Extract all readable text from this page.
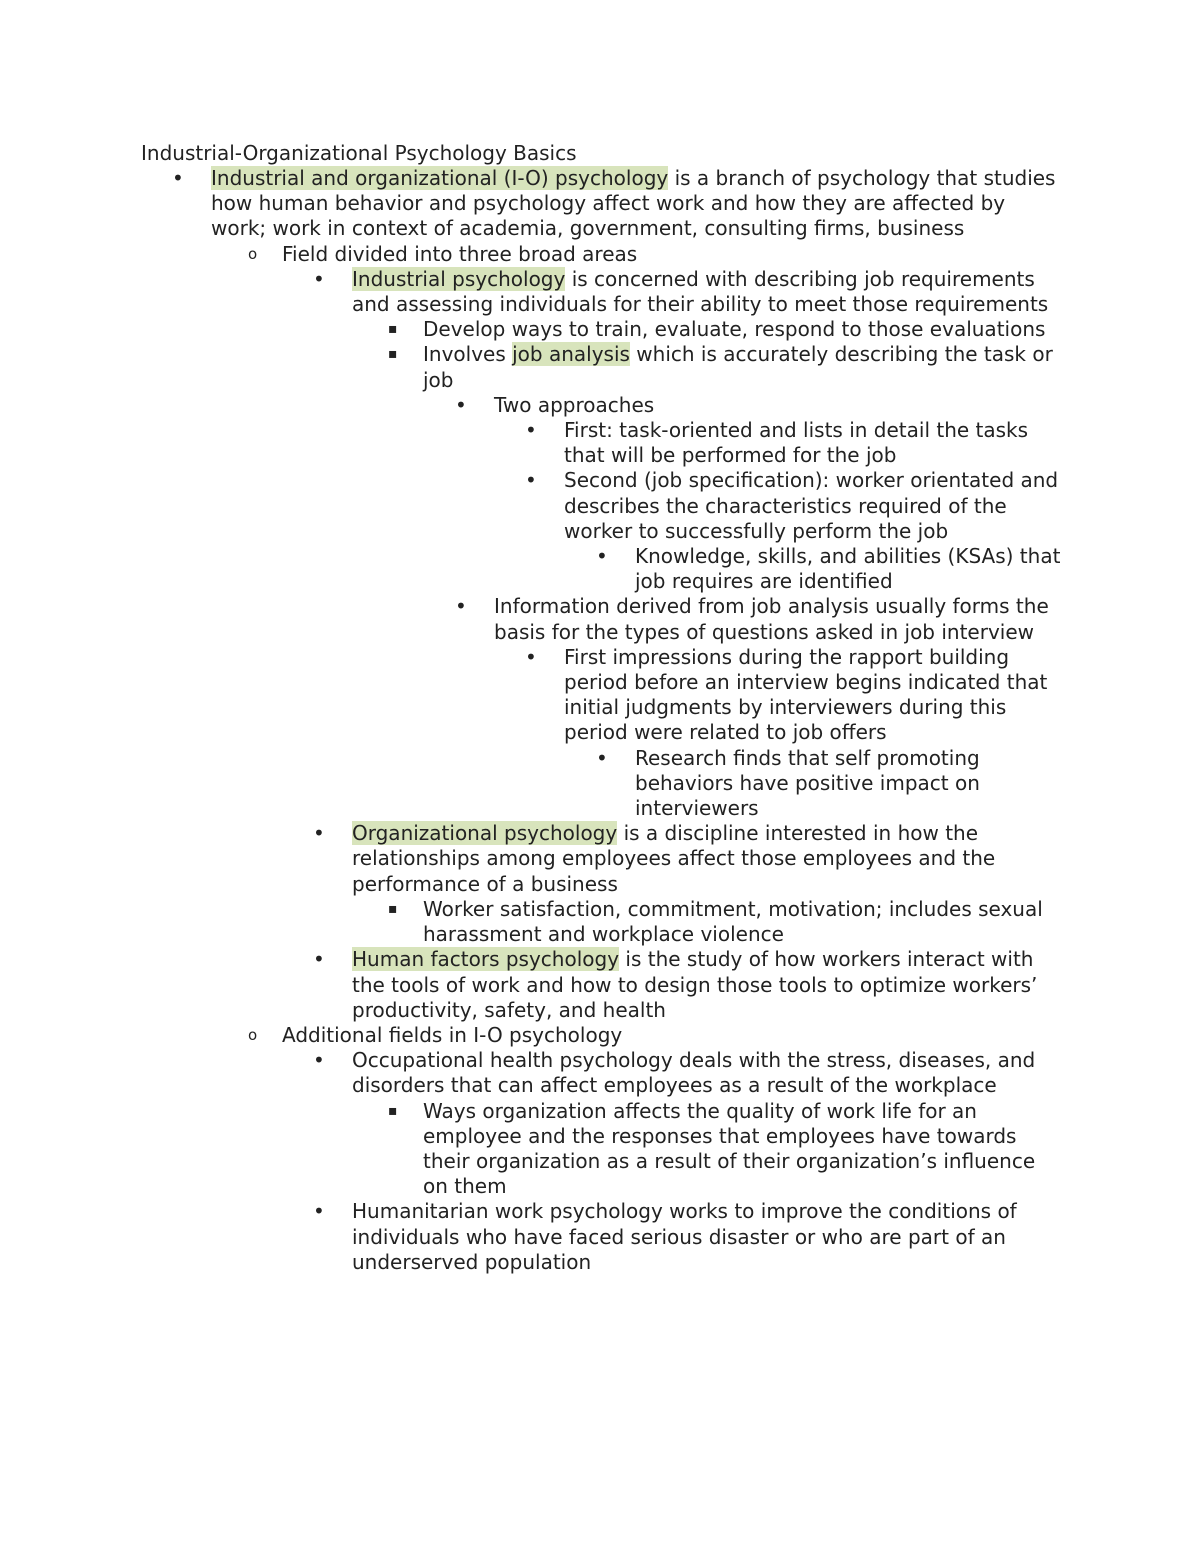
Industrial-Organizational Psychology Basics
• Industrial and organizational (I-O) psychology is a branch of psychology that studies how human behavior and psychology affect work and how they are affected by work; work in context of academia, government, consulting firms, business
o Field divided into three broad areas
• Industrial psychology is concerned with describing job requirements and assessing individuals for their ability to meet those requirements
▪ Develop ways to train, evaluate, respond to those evaluations
▪ Involves job analysis which is accurately describing the task or job
• Two approaches
• First: task-oriented and lists in detail the tasks that will be performed for the job
• Second (job specification): worker orientated and describes the characteristics required of the worker to successfully perform the job
• Knowledge, skills, and abilities (KSAs) that job requires are identified
• Information derived from job analysis usually forms the basis for the types of questions asked in job interview
• First impressions during the rapport building period before an interview begins indicated that initial judgments by interviewers during this period were related to job offers
• Research finds that self promoting behaviors have positive impact on interviewers
• Organizational psychology is a discipline interested in how the relationships among employees affect those employees and the performance of a business
▪ Worker satisfaction, commitment, motivation; includes sexual harassment and workplace violence
• Human factors psychology is the study of how workers interact with the tools of work and how to design those tools to optimize workers’ productivity, safety, and health
o Additional fields in I-O psychology
• Occupational health psychology deals with the stress, diseases, and disorders that can affect employees as a result of the workplace
▪ Ways organization affects the quality of work life for an employee and the responses that employees have towards their organization as a result of their organization’s influence on them
• Humanitarian work psychology works to improve the conditions of individuals who have faced serious disaster or who are part of an underserved population
